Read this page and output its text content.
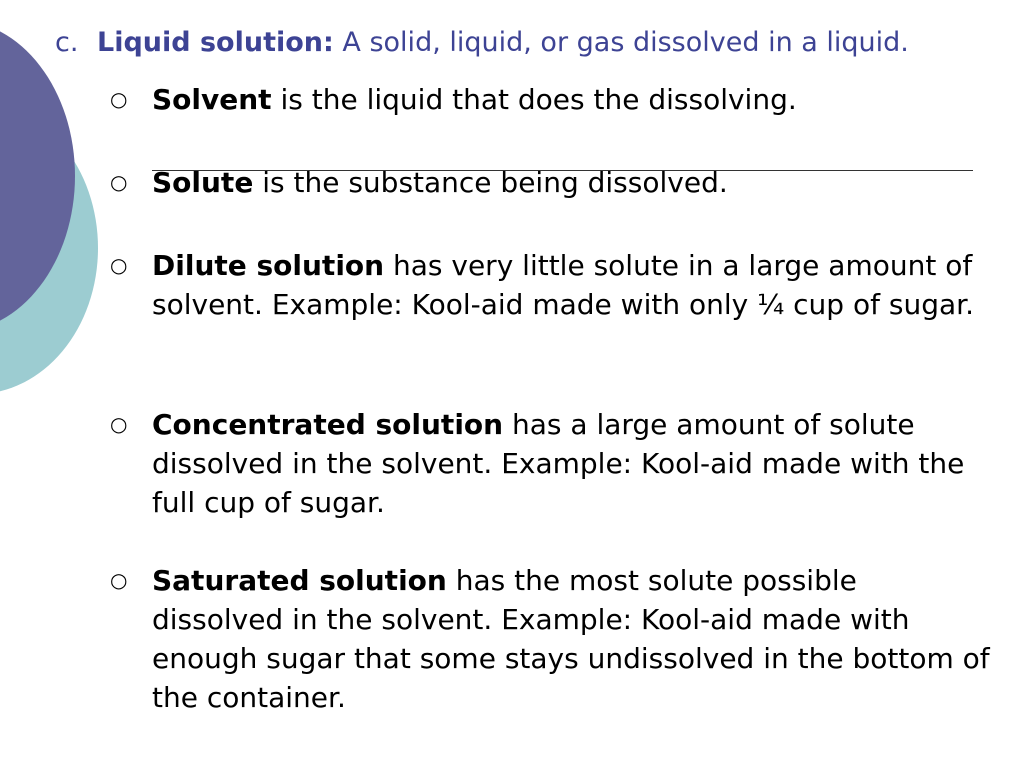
c. Liquid solution: A solid, liquid, or gas dissolved in a liquid.
○ Solvent is the liquid that does the dissolving.
○ Solute is the substance being dissolved.
○ Dilute solution has very little solute in a large amount of solvent. Example: Kool-aid made with only ¼ cup of sugar.
○ Concentrated solution has a large amount of solute dissolved in the solvent. Example: Kool-aid made with the full cup of sugar.
○ Saturated solution has the most solute possible dissolved in the solvent. Example: Kool-aid made with enough sugar that some stays undissolved in the bottom of the container.
